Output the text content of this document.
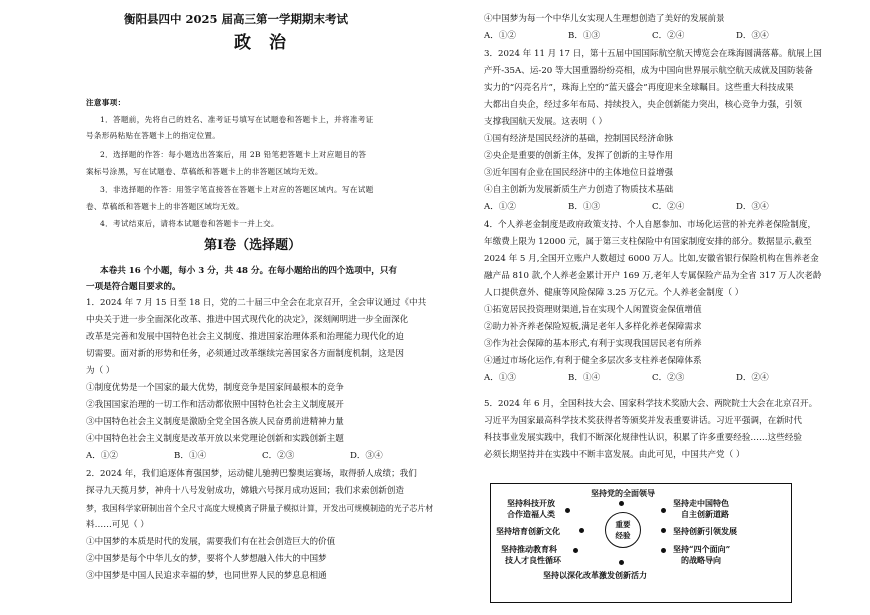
衡阳县四中 2025 届高三第一学期期末考试
政治
注意事项：
1．答题前，先将自己的姓名、准考证号填写在试题卷和答题卡上，并将准考证
号条形码粘贴在答题卡上的指定位置。
2．选择题的作答：每小题选出答案后，用 2B 铅笔把答题卡上对应题目的答
案标号涂黑，写在试题卷、草稿纸和答题卡上的非答题区域均无效。
3．非选择题的作答：用签字笔直接答在答题卡上对应的答题区域内。写在试题
卷、草稿纸和答题卡上的非答题区域均无效。
4．考试结束后，请将本试题卷和答题卡一并上交。
第Ⅰ卷（选择题）
本卷共 16 个小题，每小 3 分，共 48 分。在每小题给出的四个选项中，只有
一项是符合题目要求的。
1．2024 年 7 月 15 日至 18 日，党的二十届三中全会在北京召开，全会审议通过《中共
中央关于进一步全面深化改革、推进中国式现代化的决定》，深刻阐明进一步全面深化
改革是完善和发展中国特色社会主义制度、推进国家治理体系和治理能力现代化的迫
切需要。面对新的形势和任务，必须通过改革继续完善国家各方面制度机制，这是因
为（ ）
①制度优势是一个国家的最大优势，制度竞争是国家间最根本的竞争
②我国国家治理的一切工作和活动都依照中国特色社会主义制度展开
③中国特色社会主义制度是激励全党全国各族人民奋勇前进精神力量
④中国特色社会主义制度是改革开放以来党理论创新和实践创新主题
A．①②	B．①④	C．②③	D．③④
2．2024 年，我们追逐体育强国梦，运动健儿驰骋巴黎奥运赛场，取得骄人成绩；我们
探寻九天揽月梦，神舟十八号发射成功，嫦娥六号探月成功返回；我们求索创新创造
梦，我国科学家研制出首个全尺寸高度大规模离子阱量子模拟计算，开发出可规模制造的光子芯片材
料……可见（ ）
①中国梦的本质是时代的发展，需要我们有在社会创造巨大的价值
②中国梦是每个中华儿女的梦，要将个人梦想融入伟大的中国梦
③中国梦是中国人民追求幸福的梦，也同世界人民的梦息息相通
④中国梦为每一个中华儿女实现人生理想创造了美好的发展前景
A．①②	B．①③	C．②④	D．③④
3．2024 年 11 月 17 日，第十五届中国国际航空航天博览会在珠海圆满落幕。航展上国
产歼-35A、运-20 等大国重器纷纷亮相，成为中国向世界展示航空航天成就及国防装备
实力的“闪亮名片”，珠海上空的“蓝天盛会”再度迎来全球瞩目。这些重大科技成果
大都出自央企，经过多年布局、持续投入，央企创新能力突出，核心竞争力强，引领
支撑我国航天发展。这表明（ ）
①国有经济是国民经济的基础，控制国民经济命脉
②央企是重要的创新主体，发挥了创新的主导作用
③近年国有企业在国民经济中的主体地位日益增强
④自主创新为发展新质生产力创造了物质技术基础
A．①②	B．①③	C．②④	D．③④
4．个人养老金制度是政府政策支持、个人自愿参加、市场化运营的补充养老保险制度，
年缴费上限为 12000 元，属于第三支柱保险中有国家制度安排的部分。数据显示,截至
2024 年 5 月,全国开立账户人数超过 6000 万人。比如,安徽省银行保险机构在售养老金
融产品 810 款,个人养老金累计开户 169 万,老年人专属保险产品为全省 317 万人次老龄
人口提供意外、健康等风险保障 3.25 万亿元。个人养老金制度（ ）
①拓宽居民投资理财渠道,旨在实现个人闲置资金保值增值
②助力补齐养老保险短板,满足老年人多样化养老保障需求
③作为社会保障的基本形式,有利于实现我国居民老有所养
④通过市场化运作,有利于健全多层次多支柱养老保障体系
A．①③	B．①④	C．②③	D．②④
5．2024 年 6 月，全国科技大会、国家科学技术奖励大会、两院院士大会在北京召开。
习近平为国家最高科学技术奖获得者等颁奖并发表重要讲话。习近平强调，在新时代
科技事业发展实践中，我们不断深化规律性认识，积累了许多重要经验……这些经验
必须长期坚持并在实践中不断丰富发展。由此可见，中国共产党（ ）
坚持党的全面领导
坚持科技开放
合作造福人类
坚持走中国特色
自主创新道路
坚持培育创新文化	坚持创新引领发展
坚持推动教育科
技人才良性循环
坚持“四个面向”
的战略导向
坚持以深化改革激发创新活力
重要经验
